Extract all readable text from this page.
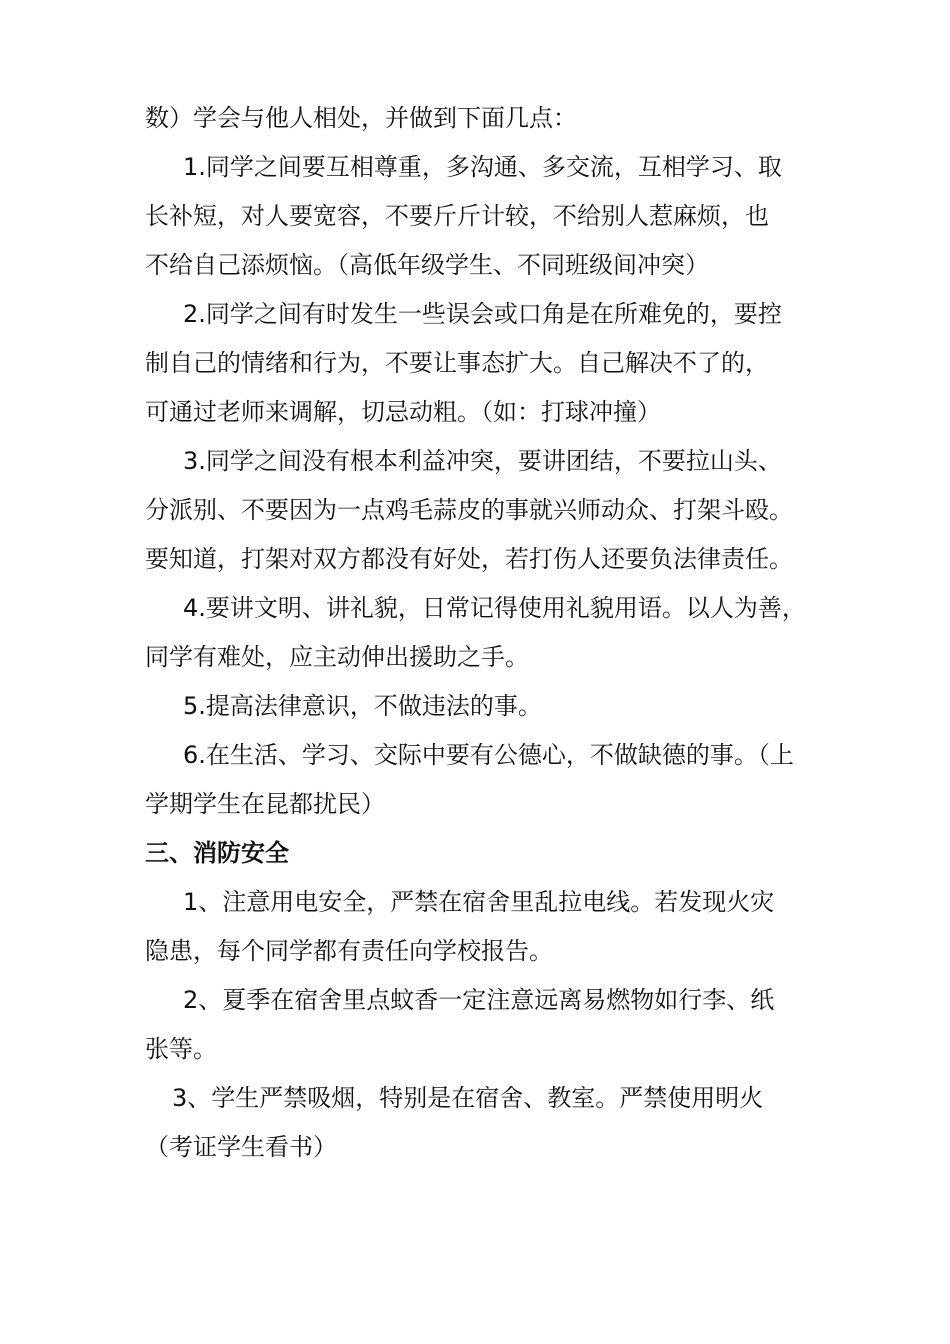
数）学会与他人相处，并做到下面几点：
1.同学之间要互相尊重，多沟通、多交流，互相学习、取
长补短，对人要宽容，不要斤斤计较，不给别人惹麻烦，也
不给自己添烦恼。（高低年级学生、不同班级间冲突）
2.同学之间有时发生一些误会或口角是在所难免的，要控
制自己的情绪和行为，不要让事态扩大。自己解决不了的，
可通过老师来调解，切忌动粗。（如：打球冲撞）
3.同学之间没有根本利益冲突，要讲团结，不要拉山头、
分派别、不要因为一点鸡毛蒜皮的事就兴师动众、打架斗殴。
要知道，打架对双方都没有好处，若打伤人还要负法律责任。
4.要讲文明、讲礼貌，日常记得使用礼貌用语。以人为善，
同学有难处，应主动伸出援助之手。
5.提高法律意识，不做违法的事。
6.在生活、学习、交际中要有公德心，不做缺德的事。（上
学期学生在昆都扰民）
三、消防安全
1、注意用电安全，严禁在宿舍里乱拉电线。若发现火灾
隐患，每个同学都有责任向学校报告。
2、夏季在宿舍里点蚊香一定注意远离易燃物如行李、纸
张等。
3、学生严禁吸烟，特别是在宿舍、教室。严禁使用明火
（考证学生看书）
